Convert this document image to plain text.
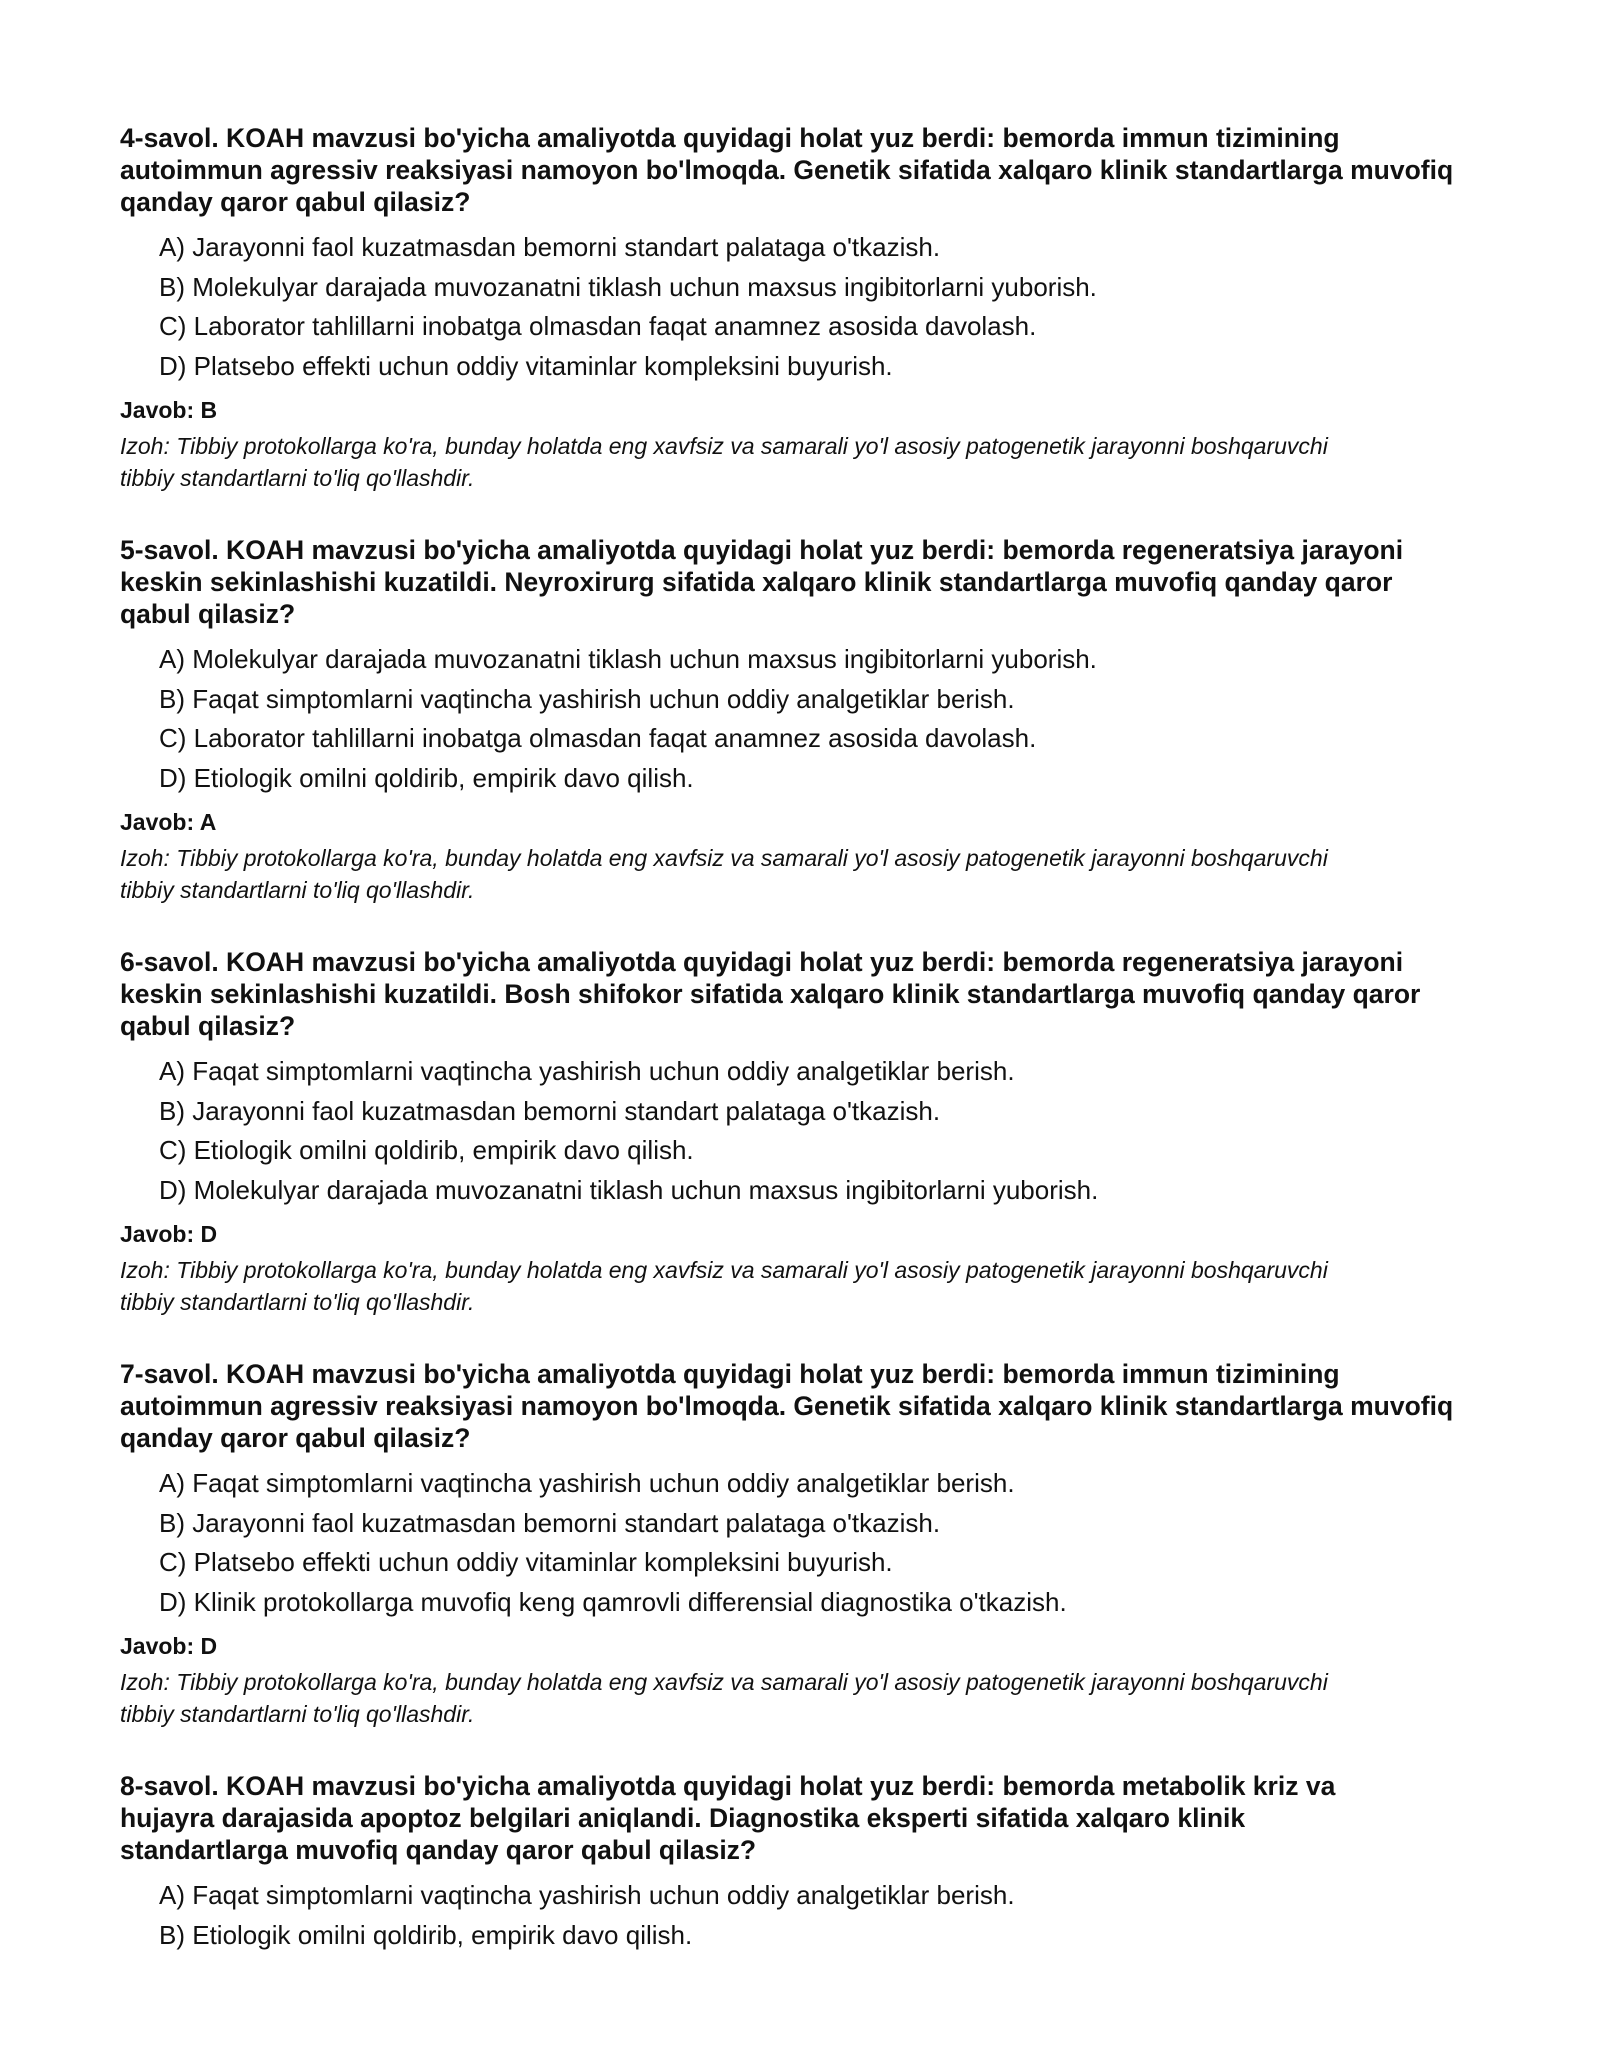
4-savol. KOAH mavzusi bo'yicha amaliyotda quyidagi holat yuz berdi: bemorda immun tizimining autoimmun agressiv reaksiyasi namoyon bo'lmoqda. Genetik sifatida xalqaro klinik standartlarga muvofiq qanday qaror qabul qilasiz?
A) Jarayonni faol kuzatmasdan bemorni standart palataga o'tkazish.
B) Molekulyar darajada muvozanatni tiklash uchun maxsus ingibitorlarni yuborish.
C) Laborator tahlillarni inobatga olmasdan faqat anamnez asosida davolash.
D) Platsebo effekti uchun oddiy vitaminlar kompleksini buyurish.
Javob: B
Izoh: Tibbiy protokollarga ko'ra, bunday holatda eng xavfsiz va samarali yo'l asosiy patogenetik jarayonni boshqaruvchi tibbiy standartlarni to'liq qo'llashdir.
5-savol. KOAH mavzusi bo'yicha amaliyotda quyidagi holat yuz berdi: bemorda regeneratsiya jarayoni keskin sekinlashishi kuzatildi. Neyroxirurg sifatida xalqaro klinik standartlarga muvofiq qanday qaror qabul qilasiz?
A) Molekulyar darajada muvozanatni tiklash uchun maxsus ingibitorlarni yuborish.
B) Faqat simptomlarni vaqtincha yashirish uchun oddiy analgetiklar berish.
C) Laborator tahlillarni inobatga olmasdan faqat anamnez asosida davolash.
D) Etiologik omilni qoldirib, empirik davo qilish.
Javob: A
Izoh: Tibbiy protokollarga ko'ra, bunday holatda eng xavfsiz va samarali yo'l asosiy patogenetik jarayonni boshqaruvchi tibbiy standartlarni to'liq qo'llashdir.
6-savol. KOAH mavzusi bo'yicha amaliyotda quyidagi holat yuz berdi: bemorda regeneratsiya jarayoni keskin sekinlashishi kuzatildi. Bosh shifokor sifatida xalqaro klinik standartlarga muvofiq qanday qaror qabul qilasiz?
A) Faqat simptomlarni vaqtincha yashirish uchun oddiy analgetiklar berish.
B) Jarayonni faol kuzatmasdan bemorni standart palataga o'tkazish.
C) Etiologik omilni qoldirib, empirik davo qilish.
D) Molekulyar darajada muvozanatni tiklash uchun maxsus ingibitorlarni yuborish.
Javob: D
Izoh: Tibbiy protokollarga ko'ra, bunday holatda eng xavfsiz va samarali yo'l asosiy patogenetik jarayonni boshqaruvchi tibbiy standartlarni to'liq qo'llashdir.
7-savol. KOAH mavzusi bo'yicha amaliyotda quyidagi holat yuz berdi: bemorda immun tizimining autoimmun agressiv reaksiyasi namoyon bo'lmoqda. Genetik sifatida xalqaro klinik standartlarga muvofiq qanday qaror qabul qilasiz?
A) Faqat simptomlarni vaqtincha yashirish uchun oddiy analgetiklar berish.
B) Jarayonni faol kuzatmasdan bemorni standart palataga o'tkazish.
C) Platsebo effekti uchun oddiy vitaminlar kompleksini buyurish.
D) Klinik protokollarga muvofiq keng qamrovli differensial diagnostika o'tkazish.
Javob: D
Izoh: Tibbiy protokollarga ko'ra, bunday holatda eng xavfsiz va samarali yo'l asosiy patogenetik jarayonni boshqaruvchi tibbiy standartlarni to'liq qo'llashdir.
8-savol. KOAH mavzusi bo'yicha amaliyotda quyidagi holat yuz berdi: bemorda metabolik kriz va hujayra darajasida apoptoz belgilari aniqlandi. Diagnostika eksperti sifatida xalqaro klinik standartlarga muvofiq qanday qaror qabul qilasiz?
A) Faqat simptomlarni vaqtincha yashirish uchun oddiy analgetiklar berish.
B) Etiologik omilni qoldirib, empirik davo qilish.
